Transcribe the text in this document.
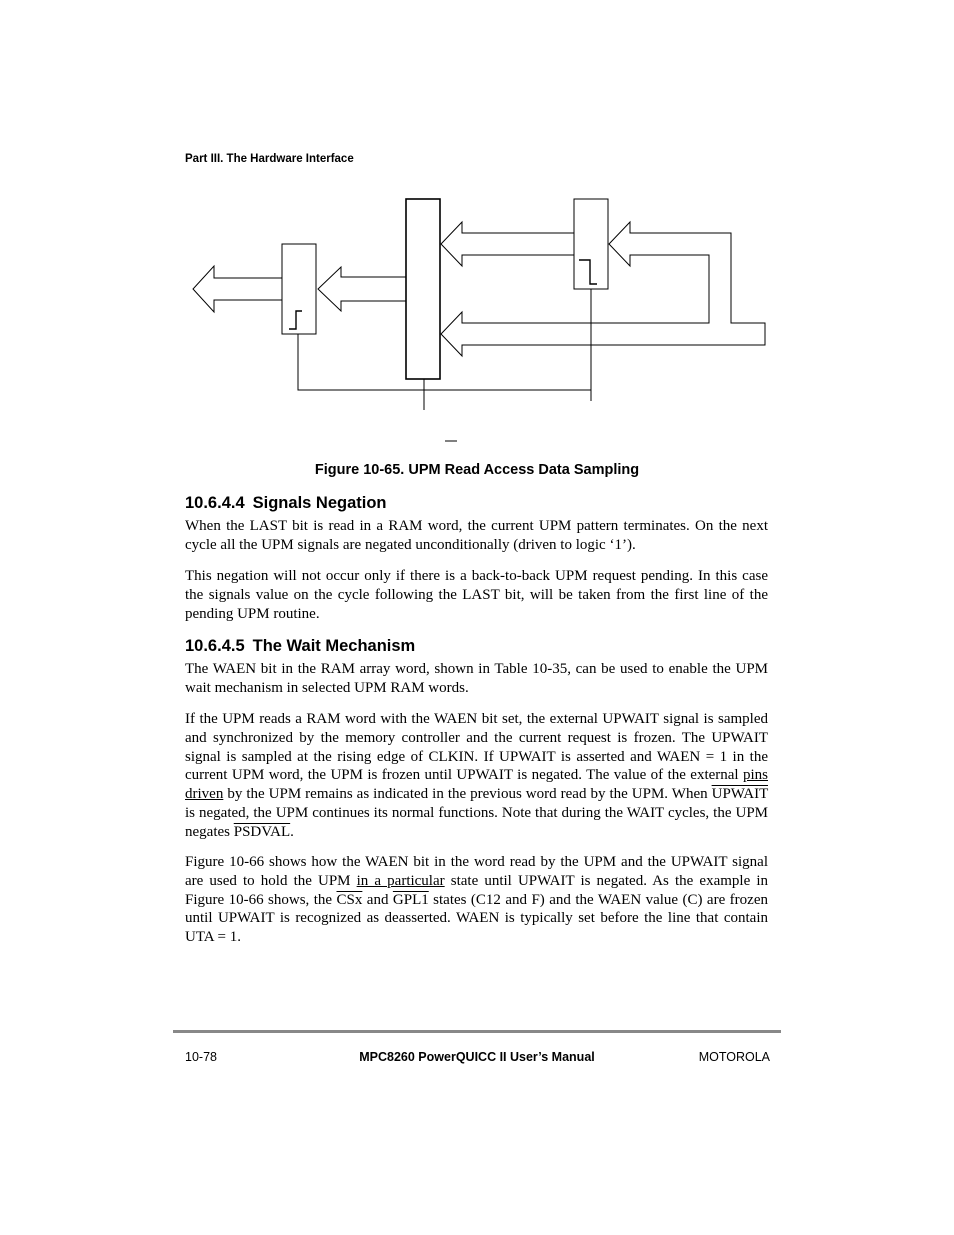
Part III. The Hardware Interface
Figure 10-65. UPM Read Access Data Sampling
10.6.4.4 Signals Negation

When the LAST bit is read in a RAM word, the current UPM pattern terminates. On the next cycle all the UPM signals are negated unconditionally (driven to logic ‘1’).

This negation will not occur only if there is a back-to-back UPM request pending. In this case the signals value on the cycle following the LAST bit, will be taken from the first line of the pending UPM routine.

10.6.4.5 The Wait Mechanism

The WAEN bit in the RAM array word, shown in Table 10-35, can be used to enable the UPM wait mechanism in selected UPM RAM words.

If the UPM reads a RAM word with the WAEN bit set, the external UPWAIT signal is sampled and synchronized by the memory controller and the current request is frozen. The UPWAIT signal is sampled at the rising edge of CLKIN. If UPWAIT is asserted and WAEN = 1 in the current UPM word, the UPM is frozen until UPWAIT is negated. The value of the external pins driven by the UPM remains as indicated in the previous word read by the UPM. When UPWAIT is negated, the UPM continues its normal functions. Note that during the WAIT cycles, the UPM negates PSDVAL.

Figure 10-66 shows how the WAEN bit in the word read by the UPM and the UPWAIT signal are used to hold the UPM in a particular state until UPWAIT is negated. As the example in Figure 10-66 shows, the $\overline{CSx}$ and GPL1 states (C12 and F) and the WAEN value (C) are frozen until UPWAIT is recognized as deasserted. WAEN is typically set before the line that contain UTA = 1.

10-78	MPC8260 PowerQUICC II User’s Manual	MOTOROLA
